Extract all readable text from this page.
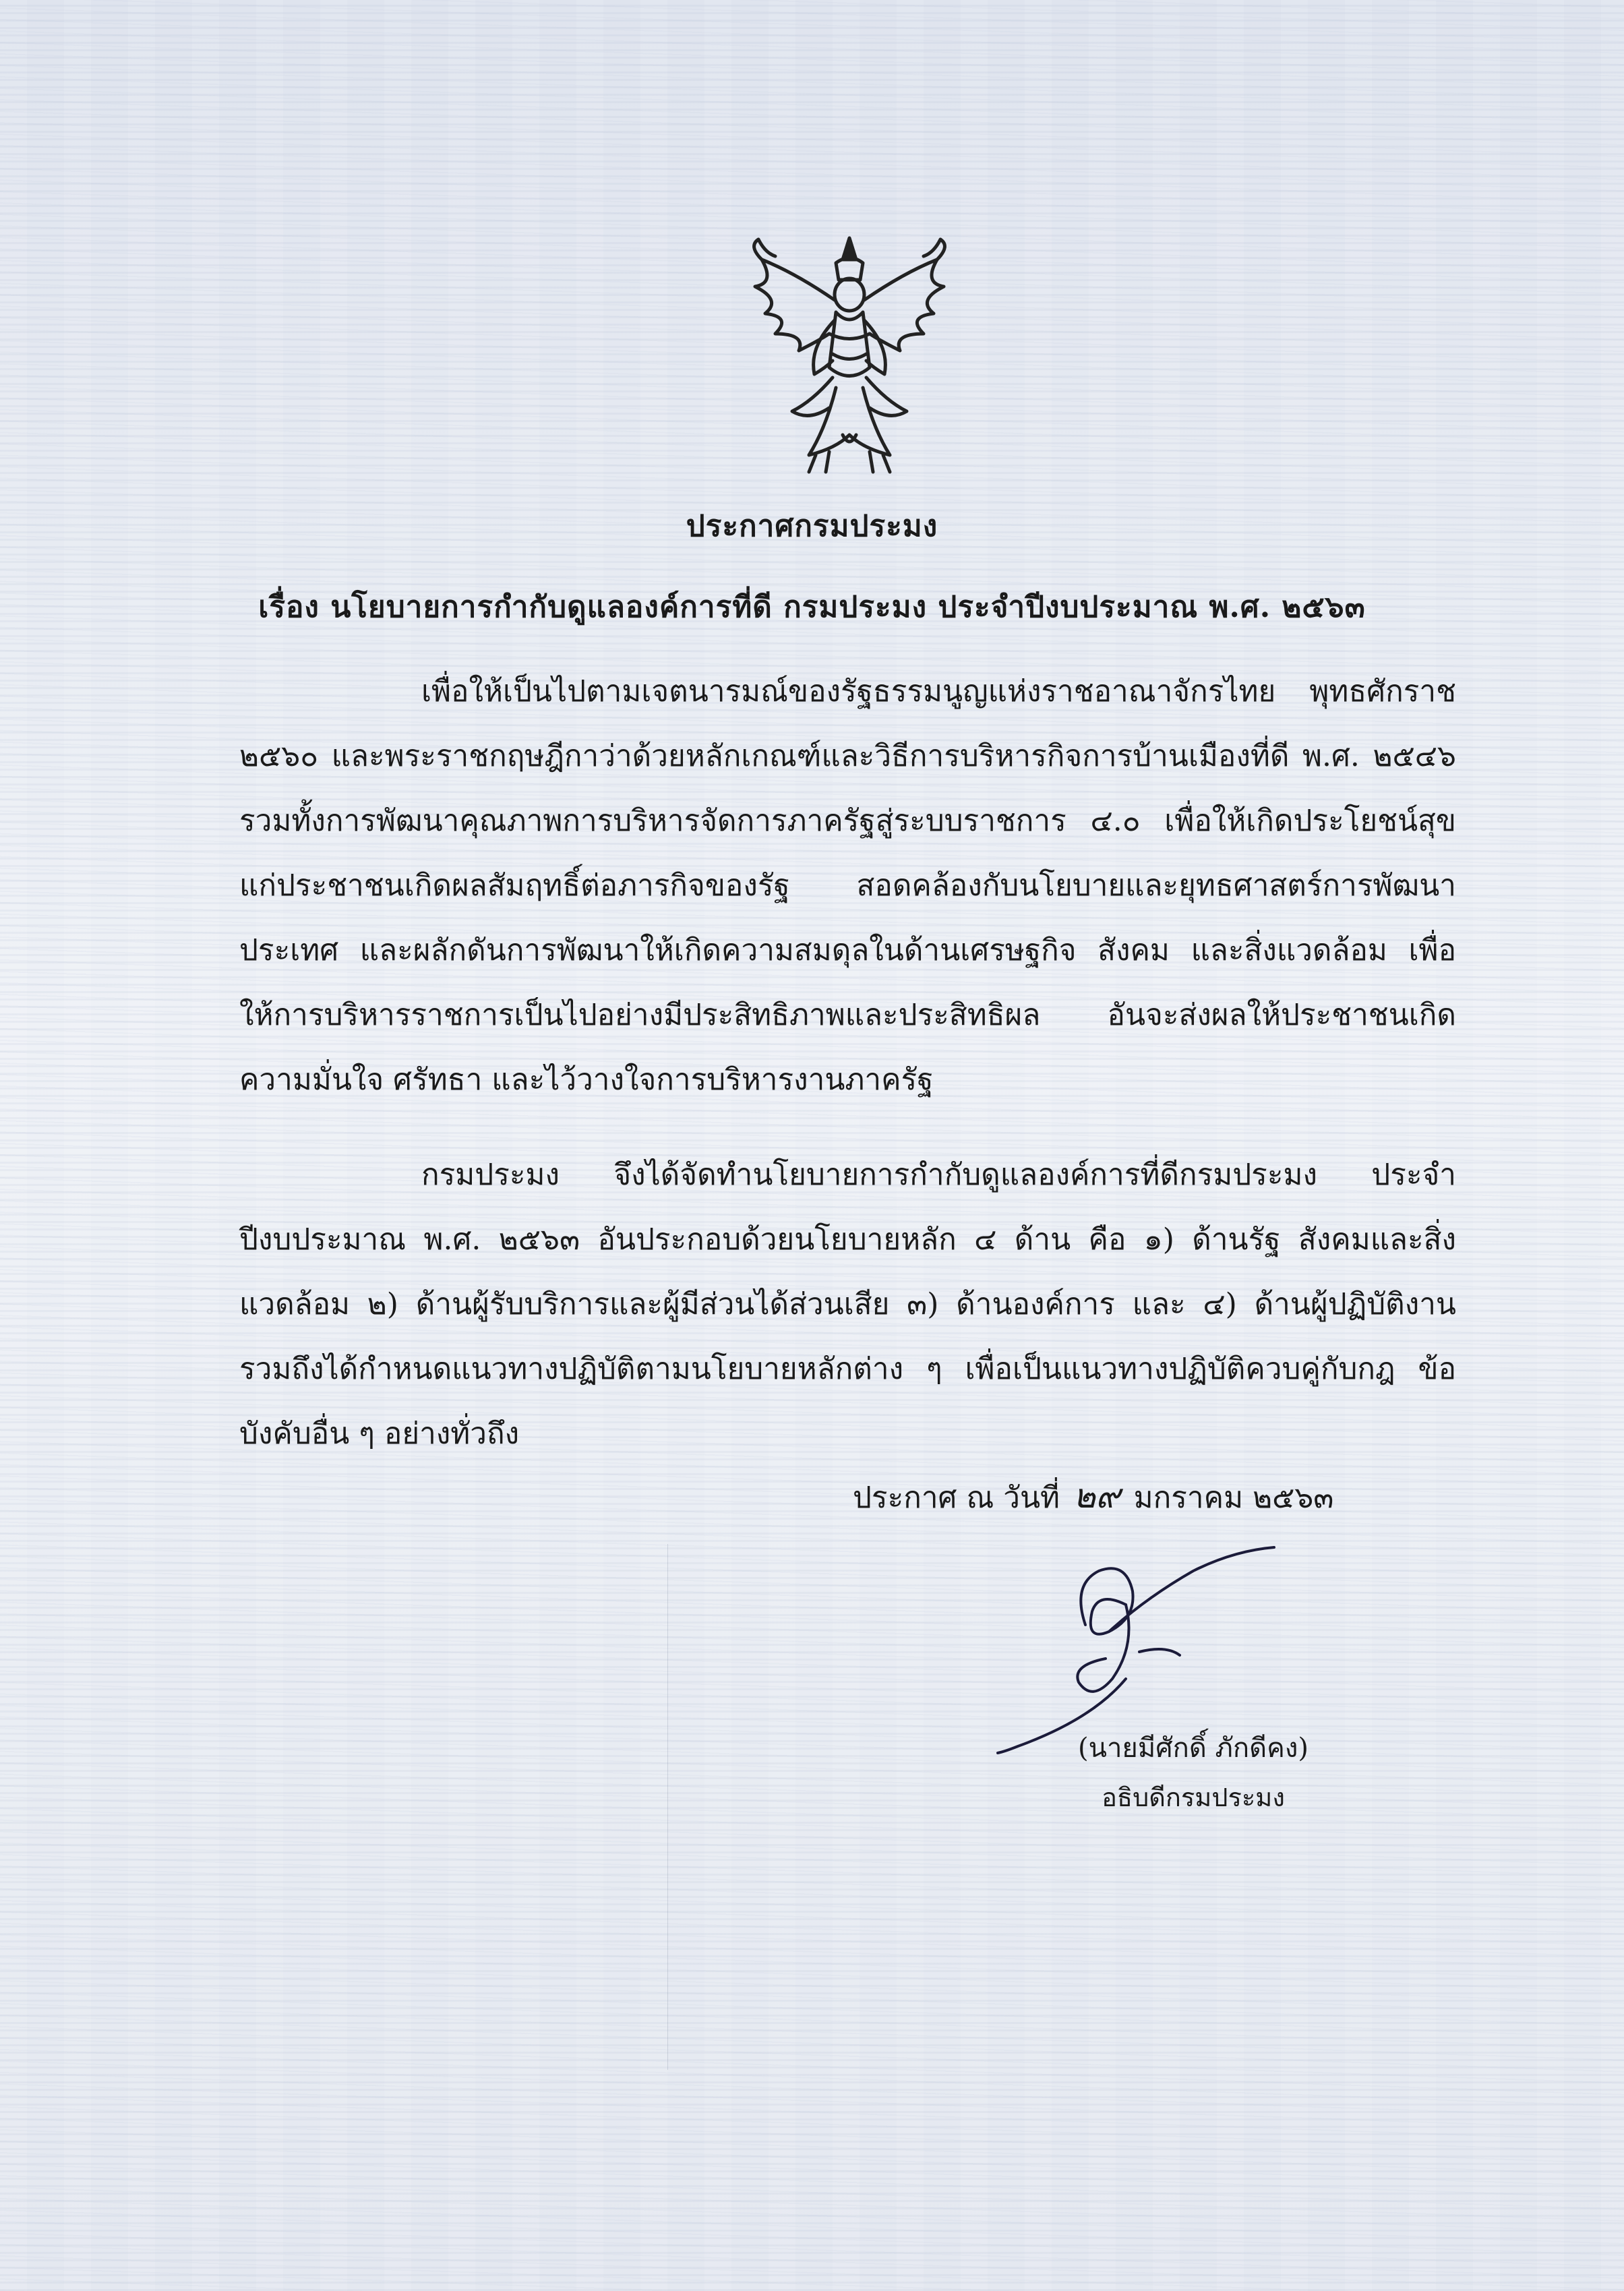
ประกาศกรมประมง
เรื่อง นโยบายการกำกับดูแลองค์การที่ดี กรมประมง ประจำปีงบประมาณ พ.ศ. ๒๕๖๓

เพื่อให้เป็นไปตามเจตนารมณ์ของรัฐธรรมนูญแห่งราชอาณาจักรไทย พุทธศักราช ๒๕๖๐ และพระราชกฤษฎีกาว่าด้วยหลักเกณฑ์และวิธีการบริหารกิจการบ้านเมืองที่ดี พ.ศ. ๒๕๔๖ รวมทั้งการพัฒนาคุณภาพการบริหารจัดการภาครัฐสู่ระบบราชการ ๔.๐ เพื่อให้เกิดประโยชน์สุขแก่ประชาชนเกิดผลสัมฤทธิ์ต่อภารกิจของรัฐ สอดคล้องกับนโยบายและยุทธศาสตร์การพัฒนาประเทศ และผลักดันการพัฒนาให้เกิดความสมดุลในด้านเศรษฐกิจ สังคม และสิ่งแวดล้อม เพื่อให้การบริหารราชการเป็นไปอย่างมีประสิทธิภาพและประสิทธิผล อันจะส่งผลให้ประชาชนเกิดความมั่นใจ ศรัทธา และไว้วางใจการบริหารงานภาครัฐ

กรมประมง จึงได้จัดทำนโยบายการกำกับดูแลองค์การที่ดีกรมประมง ประจำปีงบประมาณ พ.ศ. ๒๕๖๓ อันประกอบด้วยนโยบายหลัก ๔ ด้าน คือ ๑) ด้านรัฐ สังคมและสิ่งแวดล้อม ๒) ด้านผู้รับบริการและผู้มีส่วนได้ส่วนเสีย ๓) ด้านองค์การ และ ๔) ด้านผู้ปฏิบัติงาน รวมถึงได้กำหนดแนวทางปฏิบัติตามนโยบายหลักต่าง ๆ เพื่อเป็นแนวทางปฏิบัติควบคู่กับกฎ ข้อบังคับอื่น ๆ อย่างทั่วถึง

ประกาศ ณ วันที่ ๒๙ มกราคม ๒๕๖๓
(นายมีศักดิ์ ภักดีคง)
อธิบดีกรมประมง
